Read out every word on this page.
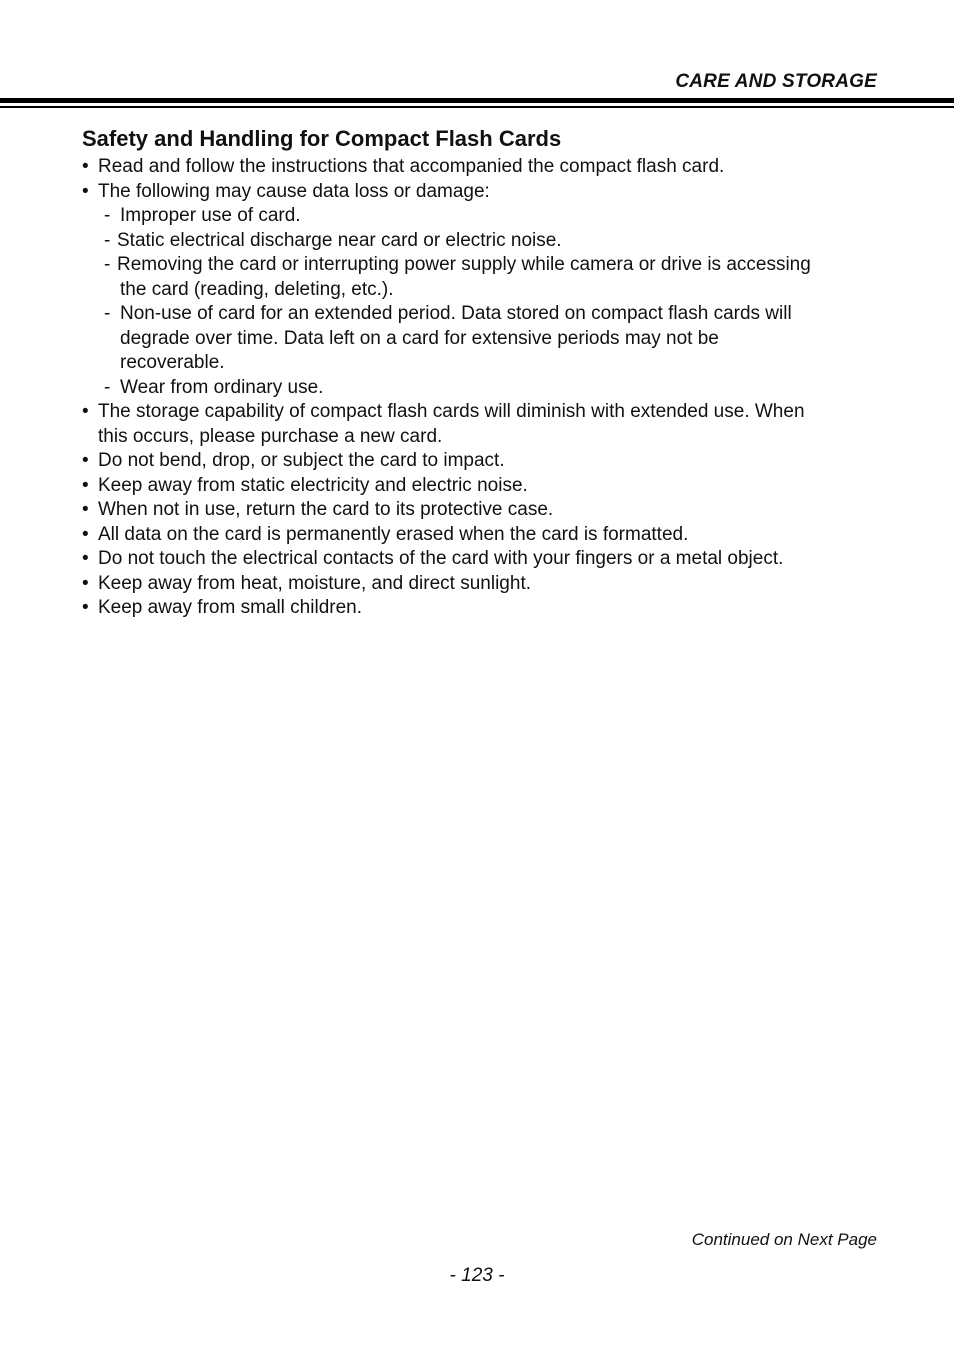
CARE AND STORAGE
Safety and Handling for Compact Flash Cards
• Read and follow the instructions that accompanied the compact flash card.
• The following may cause data loss or damage:
- Improper use of card.
- Static electrical discharge near card or electric noise.
- Removing the card or interrupting power supply while camera or drive is accessing
the card (reading, deleting, etc.).
- Non-use of card for an extended period. Data stored on compact flash cards will
degrade over time. Data left on a card for extensive periods may not be
recoverable.
- Wear from ordinary use.
• The storage capability of compact flash cards will diminish with extended use. When
this occurs, please purchase a new card.
• Do not bend, drop, or subject the card to impact.
• Keep away from static electricity and electric noise.
• When not in use, return the card to its protective case.
• All data on the card is permanently erased when the card is formatted.
• Do not touch the electrical contacts of the card with your fingers or a metal object.
• Keep away from heat, moisture, and direct sunlight.
• Keep away from small children.
Continued on Next Page
- 123 -
